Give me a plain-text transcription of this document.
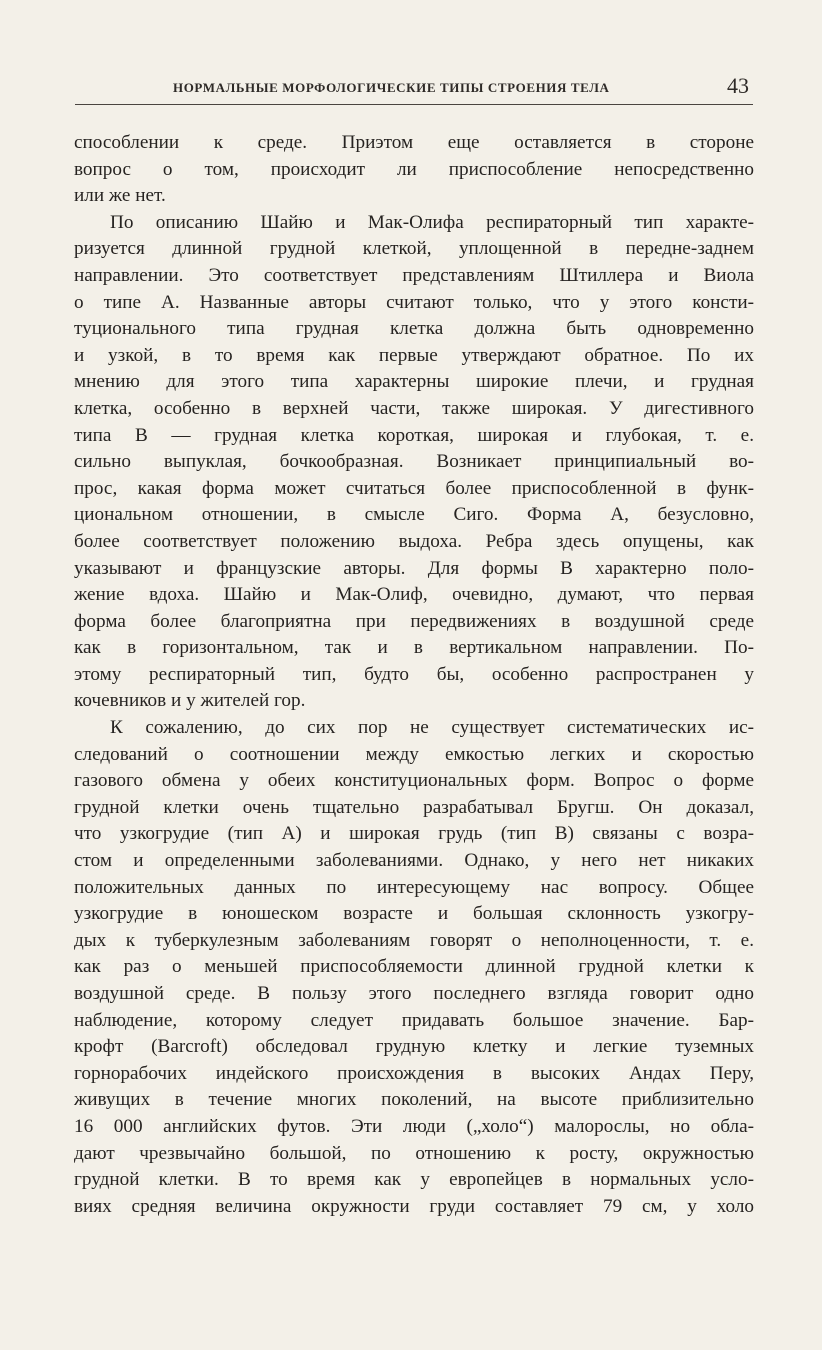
НОРМАЛЬНЫЕ МОРФОЛОГИЧЕСКИЕ ТИПЫ СТРОЕНИЯ ТЕЛА	43

способлении к среде. Приэтом еще оставляется в стороне
вопрос о том, происходит ли приспособление непосредственно
или же нет.

По описанию Шайю и Мак-Олифа респираторный тип характе-
ризуется длинной грудной клеткой, уплощенной в передне-заднем
направлении. Это соответствует представлениям Штиллера и Виола
о типе А. Названные авторы считают только, что у этого консти-
туционального типа грудная клетка должна быть одновременно
и узкой, в то время как первые утверждают обратное. По их
мнению для этого типа характерны широкие плечи, и грудная
клетка, особенно в верхней части, также широкая. У дигестивного
типа В — грудная клетка короткая, широкая и глубокая, т. е.
сильно выпуклая, бочкообразная. Возникает принципиальный во-
прос, какая форма может считаться более приспособленной в функ-
циональном отношении, в смысле Сиго. Форма А, безусловно,
более соответствует положению выдоха. Ребра здесь опущены, как
указывают и французские авторы. Для формы В характерно поло-
жение вдоха. Шайю и Мак-Олиф, очевидно, думают, что первая
форма более благоприятна при передвижениях в воздушной среде
как в горизонтальном, так и в вертикальном направлении. По-
этому респираторный тип, будто бы, особенно распространен у
кочевников и у жителей гор.

К сожалению, до сих пор не существует систематических ис-
следований о соотношении между емкостью легких и скоростью
газового обмена у обеих конституциональных форм. Вопрос о форме
грудной клетки очень тщательно разрабатывал Бругш. Он доказал,
что узкогрудие (тип А) и широкая грудь (тип В) связаны с возра-
стом и определенными заболеваниями. Однако, у него нет никаких
положительных данных по интересующему нас вопросу. Общее
узкогрудие в юношеском возрасте и большая склонность узкогру-
дых к туберкулезным заболеваниям говорят о неполноценности, т. е.
как раз о меньшей приспособляемости длинной грудной клетки к
воздушной среде. В пользу этого последнего взгляда говорит одно
наблюдение, которому следует придавать большое значение. Бар-
крофт (Barcroft) обследовал грудную клетку и легкие туземных
горнорабочих индейского происхождения в высоких Андах Перу,
живущих в течение многих поколений, на высоте приблизительно
16 000 английских футов. Эти люди („холо“) малорослы, но обла-
дают чрезвычайно большой, по отношению к росту, окружностью
грудной клетки. В то время как у европейцев в нормальных усло-
виях средняя величина окружности груди составляет 79 см, у холо
